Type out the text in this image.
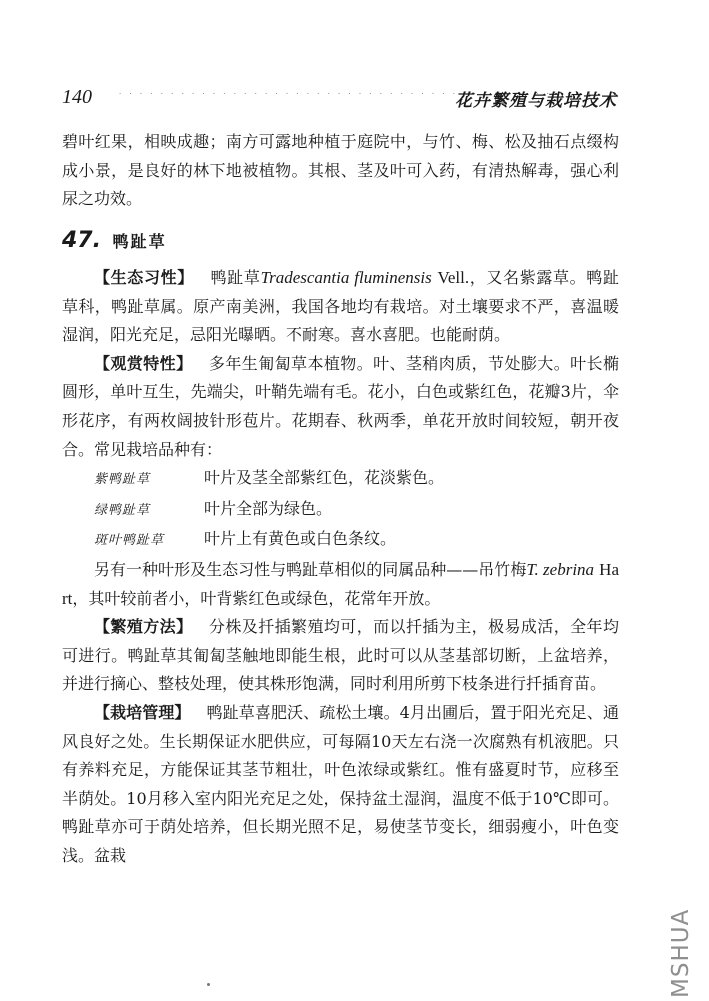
140	· · · · · · · · · · · · · · · · · · · · · · · · · · · · · · · · · · · · · · · · · · · · · ·
花卉繁殖与栽培技术

碧叶红果，相映成趣；南方可露地种植于庭院中，与竹、梅、松及抽石点缀构成小景，是良好的林下地被植物。其根、茎及叶可入药，有清热解毒，强心利尿之功效。

47. 鸭趾草

【生态习性】 鸭趾草Tradescantia fluminensis Vell.，又名紫露草。鸭趾草科，鸭趾草属。原产南美洲，我国各地均有栽培。对土壤要求不严，喜温暖湿润，阳光充足，忌阳光曝晒。不耐寒。喜水喜肥。也能耐荫。

【观赏特性】 多年生匍匐草本植物。叶、茎稍肉质，节处膨大。叶长椭圆形，单叶互生，先端尖，叶鞘先端有毛。花小，白色或紫红色，花瓣3片，伞形花序，有两枚阔披针形苞片。花期春、秋两季，单花开放时间较短，朝开夜合。常见栽培品种有：

紫鸭趾草	叶片及茎全部紫红色，花淡紫色。

绿鸭趾草	叶片全部为绿色。

斑叶鸭趾草 叶片上有黄色或白色条纹。

另有一种叶形及生态习性与鸭趾草相似的同属品种——吊竹梅T. zebrina Hart，其叶较前者小，叶背紫红色或绿色，花常年开放。

【繁殖方法】 分株及扦插繁殖均可，而以扦插为主，极易成活，全年均可进行。鸭趾草其匍匐茎触地即能生根，此时可以从茎基部切断，上盆培养，并进行摘心、整枝处理，使其株形饱满，同时利用所剪下枝条进行扦插育苗。

【栽培管理】 鸭趾草喜肥沃、疏松土壤。4月出圃后，置于阳光充足、通风良好之处。生长期保证水肥供应，可每隔10天左右浇一次腐熟有机液肥。只有养料充足，方能保证其茎节粗壮，叶色浓绿或紫红。惟有盛夏时节，应移至半荫处。10月移入室内阳光充足之处，保持盆土湿润，温度不低于10℃即可。鸭趾草亦可于荫处培养，但长期光照不足，易使茎节变长，细弱瘦小，叶色变浅。盆栽

MSHUA
